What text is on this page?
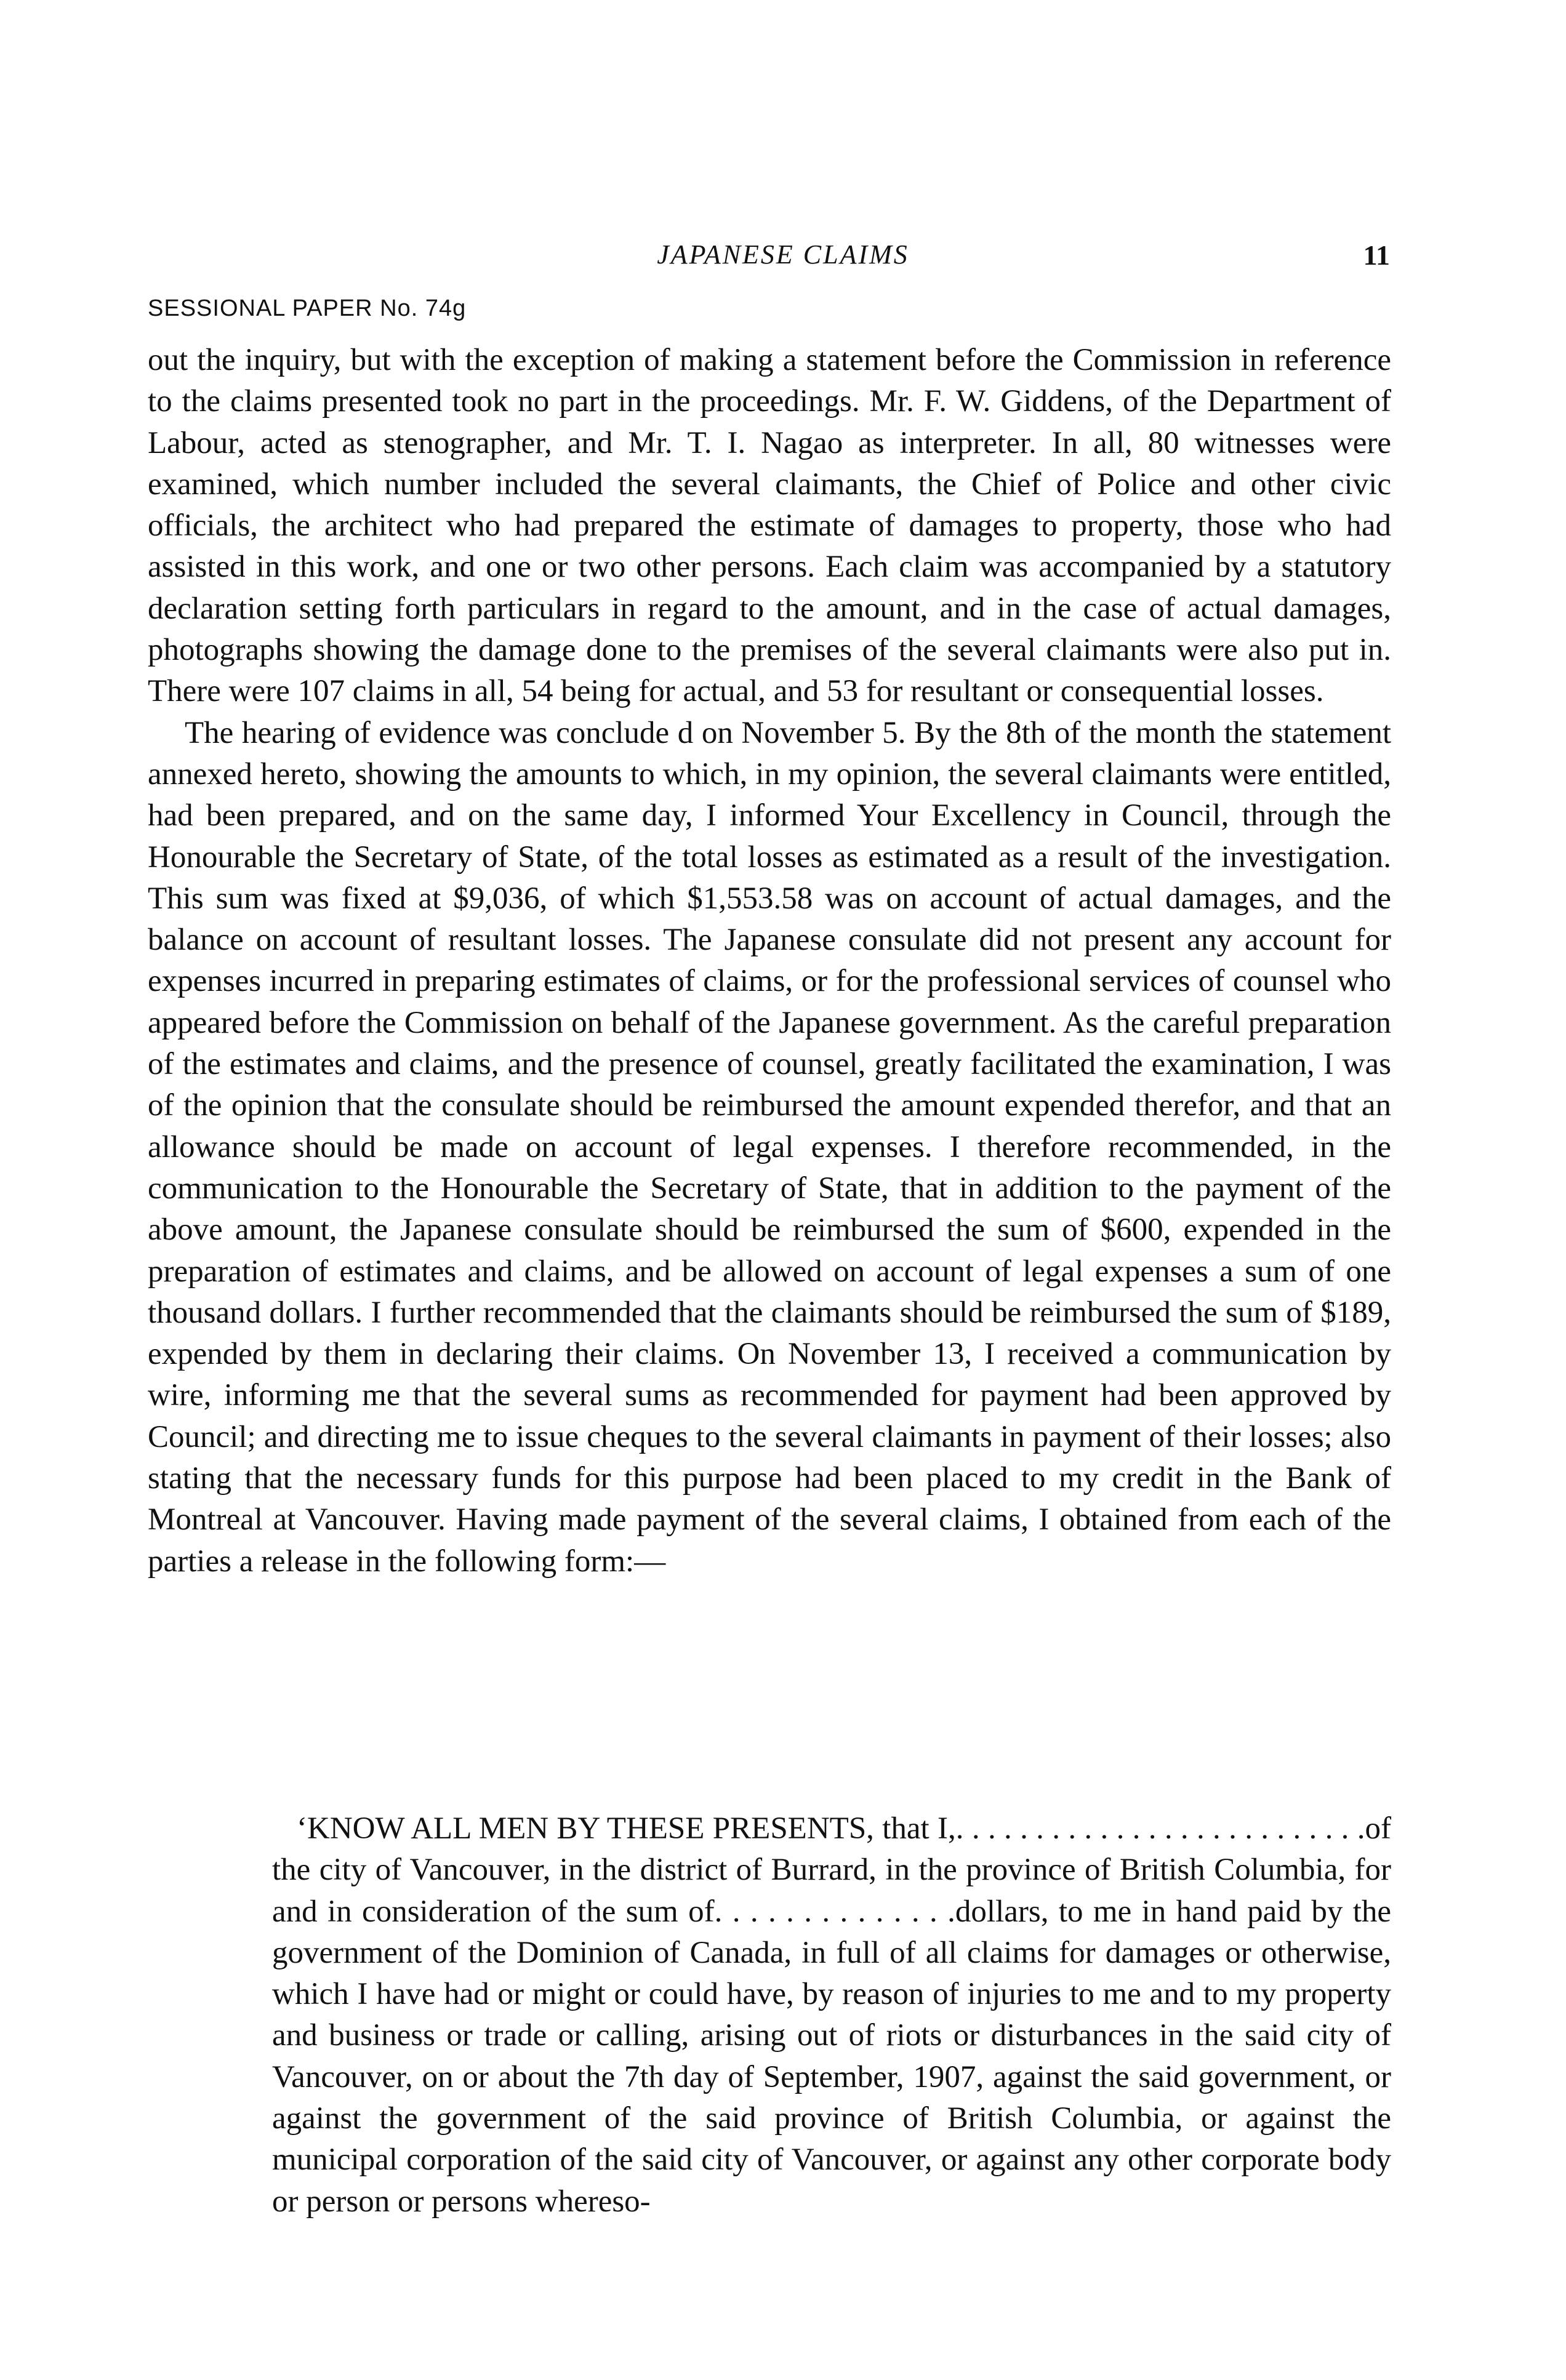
JAPANESE CLAIMS	11
SESSIONAL PAPER No. 74g

out the inquiry, but with the exception of making a statement before the Commission in reference to the claims presented took no part in the proceedings. Mr. F. W. Giddens, of the Department of Labour, acted as stenographer, and Mr. T. I. Nagao as interpreter. In all, 80 witnesses were examined, which number included the several claimants, the Chief of Police and other civic officials, the architect who had prepared the estimate of damages to property, those who had assisted in this work, and one or two other persons. Each claim was accompanied by a statutory declaration setting forth particulars in regard to the amount, and in the case of actual damages, photographs showing the damage done to the premises of the several claimants were also put in. There were 107 claims in all, 54 being for actual, and 53 for resultant or consequential losses.

The hearing of evidence was conclude d on November 5. By the 8th of the month the statement annexed hereto, showing the amounts to which, in my opinion, the several claimants were entitled, had been prepared, and on the same day, I informed Your Excellency in Council, through the Honourable the Secretary of State, of the total losses as estimated as a result of the investigation. This sum was fixed at $9,036, of which $1,553.58 was on account of actual damages, and the balance on account of resultant losses. The Japanese consulate did not present any account for expenses incurred in preparing estimates of claims, or for the professional services of counsel who appeared before the Commission on behalf of the Japanese government. As the careful preparation of the estimates and claims, and the presence of counsel, greatly facilitated the examination, I was of the opinion that the consulate should be reimbursed the amount expended therefor, and that an allowance should be made on account of legal expenses. I therefore recommended, in the communication to the Honourable the Secretary of State, that in addition to the payment of the above amount, the Japanese consulate should be reimbursed the sum of $600, expended in the preparation of estimates and claims, and be allowed on account of legal expenses a sum of one thousand dollars. I further recommended that the claimants should be reimbursed the sum of $189, expended by them in declaring their claims. On November 13, I received a communication by wire, informing me that the several sums as recommended for payment had been approved by Council; and directing me to issue cheques to the several claimants in payment of their losses; also stating that the necessary funds for this purpose had been placed to my credit in the Bank of Montreal at Vancouver. Having made payment of the several claims, I obtained from each of the parties a release in the following form:—

‘KNOW ALL MEN BY THESE PRESENTS, that I,. . . . . . . . . . . . . . . . . . . . . . . . . .of the city of Vancouver, in the district of Burrard, in the province of British Columbia, for and in consideration of the sum of. . . . . . . . . . . . . .dollars, to me in hand paid by the government of the Dominion of Canada, in full of all claims for damages or otherwise, which I have had or might or could have, by reason of injuries to me and to my property and business or trade or calling, arising out of riots or disturbances in the said city of Vancouver, on or about the 7th day of September, 1907, against the said government, or against the government of the said province of British Columbia, or against the municipal corporation of the said city of Vancouver, or against any other corporate body or person or persons whereso-
